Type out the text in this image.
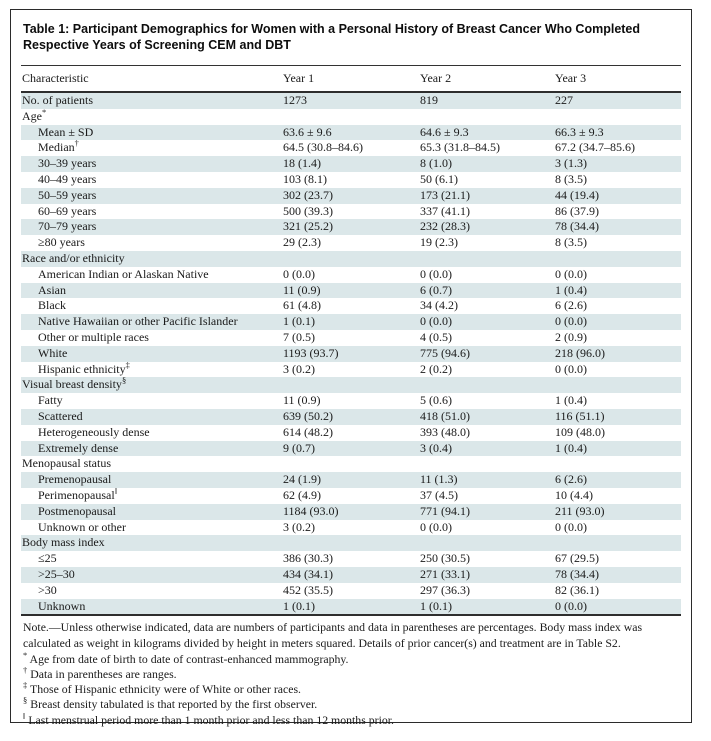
Table 1: Participant Demographics for Women with a Personal History of Breast Cancer Who Completed Respective Years of Screening CEM and DBT
Characteristic	Year 1	Year 2	Year 3
No. of patients	1273	819	227
Age*			
Mean ± SD	63.6 ± 9.6	64.6 ± 9.3	66.3 ± 9.3
Median†	64.5 (30.8–84.6)	65.3 (31.8–84.5)	67.2 (34.7–85.6)
30–39 years	18 (1.4)	8 (1.0)	3 (1.3)
40–49 years	103 (8.1)	50 (6.1)	8 (3.5)
50–59 years	302 (23.7)	173 (21.1)	44 (19.4)
60–69 years	500 (39.3)	337 (41.1)	86 (37.9)
70–79 years	321 (25.2)	232 (28.3)	78 (34.4)
≥80 years	29 (2.3)	19 (2.3)	8 (3.5)
Race and/or ethnicity			
American Indian or Alaskan Native	0 (0.0)	0 (0.0)	0 (0.0)
Asian	11 (0.9)	6 (0.7)	1 (0.4)
Black	61 (4.8)	34 (4.2)	6 (2.6)
Native Hawaiian or other Pacific Islander	1 (0.1)	0 (0.0)	0 (0.0)
Other or multiple races	7 (0.5)	4 (0.5)	2 (0.9)
White	1193 (93.7)	775 (94.6)	218 (96.0)
Hispanic ethnicity‡	3 (0.2)	2 (0.2)	0 (0.0)
Visual breast density§			
Fatty	11 (0.9)	5 (0.6)	1 (0.4)
Scattered	639 (50.2)	418 (51.0)	116 (51.1)
Heterogeneously dense	614 (48.2)	393 (48.0)	109 (48.0)
Extremely dense	9 (0.7)	3 (0.4)	1 (0.4)
Menopausal status			
Premenopausal	24 (1.9)	11 (1.3)	6 (2.6)
Perimenopausal‖	62 (4.9)	37 (4.5)	10 (4.4)
Postmenopausal	1184 (93.0)	771 (94.1)	211 (93.0)
Unknown or other	3 (0.2)	0 (0.0)	0 (0.0)
Body mass index			
≤25	386 (30.3)	250 (30.5)	67 (29.5)
>25–30	434 (34.1)	271 (33.1)	78 (34.4)
>30	452 (35.5)	297 (36.3)	82 (36.1)
Unknown	1 (0.1)	1 (0.1)	0 (0.0)
Note.—Unless otherwise indicated, data are numbers of participants and data in parentheses are percentages. Body mass index was calculated as weight in kilograms divided by height in meters squared. Details of prior cancer(s) and treatment are in Table S2.
* Age from date of birth to date of contrast-enhanced mammography.
† Data in parentheses are ranges.
‡ Those of Hispanic ethnicity were of White or other races.
§ Breast density tabulated is that reported by the first observer.
‖ Last menstrual period more than 1 month prior and less than 12 months prior.
